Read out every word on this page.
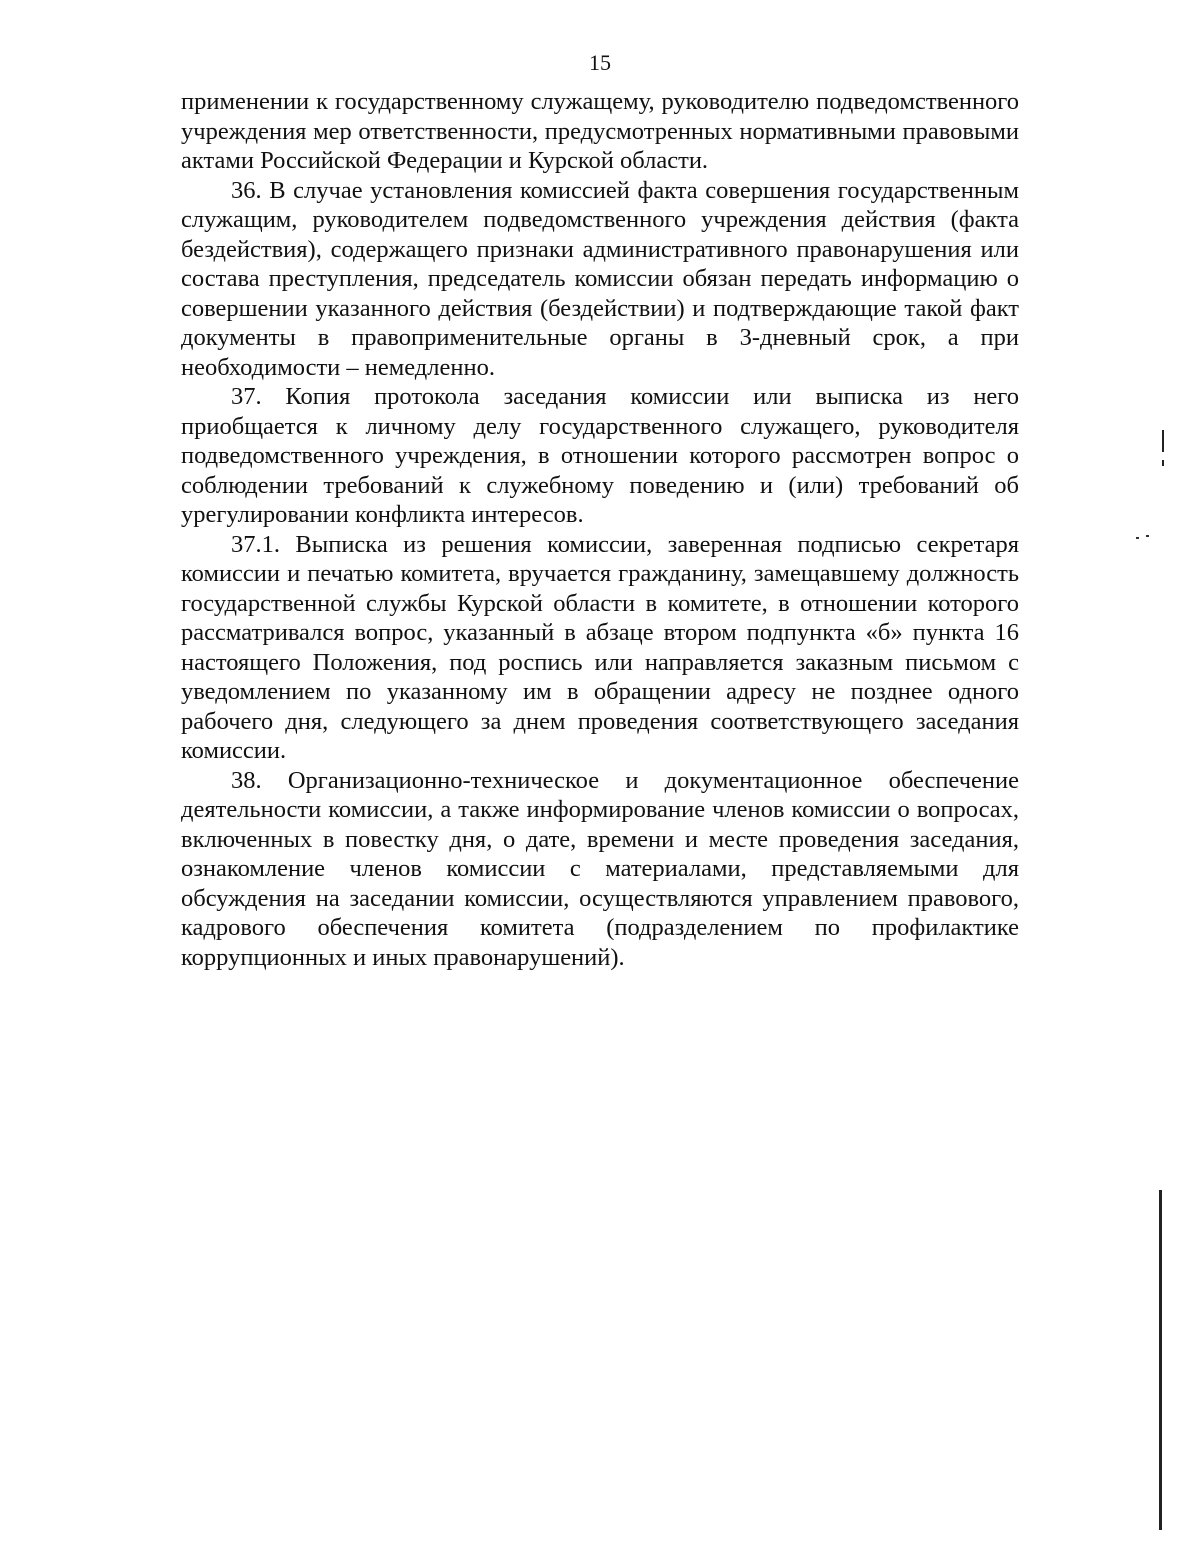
15

применении к государственному служащему, руководителю подведомственного учреждения мер ответственности, предусмотренных нормативными правовыми актами Российской Федерации и Курской области.

36. В случае установления комиссией факта совершения государственным служащим, руководителем подведомственного учреждения действия (факта бездействия), содержащего признаки административного правонарушения или состава преступления, председатель комиссии обязан передать информацию о совершении указанного действия (бездействии) и подтверждающие такой факт документы в правоприменительные органы в 3-дневный срок, а при необходимости – немедленно.

37. Копия протокола заседания комиссии или выписка из него приобщается к личному делу государственного служащего, руководителя подведомственного учреждения, в отношении которого рассмотрен вопрос о соблюдении требований к служебному поведению и (или) требований об урегулировании конфликта интересов.

37.1. Выписка из решения комиссии, заверенная подписью секретаря комиссии и печатью комитета, вручается гражданину, замещавшему должность государственной службы Курской области в комитете, в отношении которого рассматривался вопрос, указанный в абзаце втором подпункта «б» пункта 16 настоящего Положения, под роспись или направляется заказным письмом с уведомлением по указанному им в обращении адресу не позднее одного рабочего дня, следующего за днем проведения соответствующего заседания комиссии.

38. Организационно-техническое и документационное обеспечение деятельности комиссии, а также информирование членов комиссии о вопросах, включенных в повестку дня, о дате, времени и месте проведения заседания, ознакомление членов комиссии с материалами, представляемыми для обсуждения на заседании комиссии, осуществляются управлением правового, кадрового обеспечения комитета (подразделением по профилактике коррупционных и иных правонарушений).
